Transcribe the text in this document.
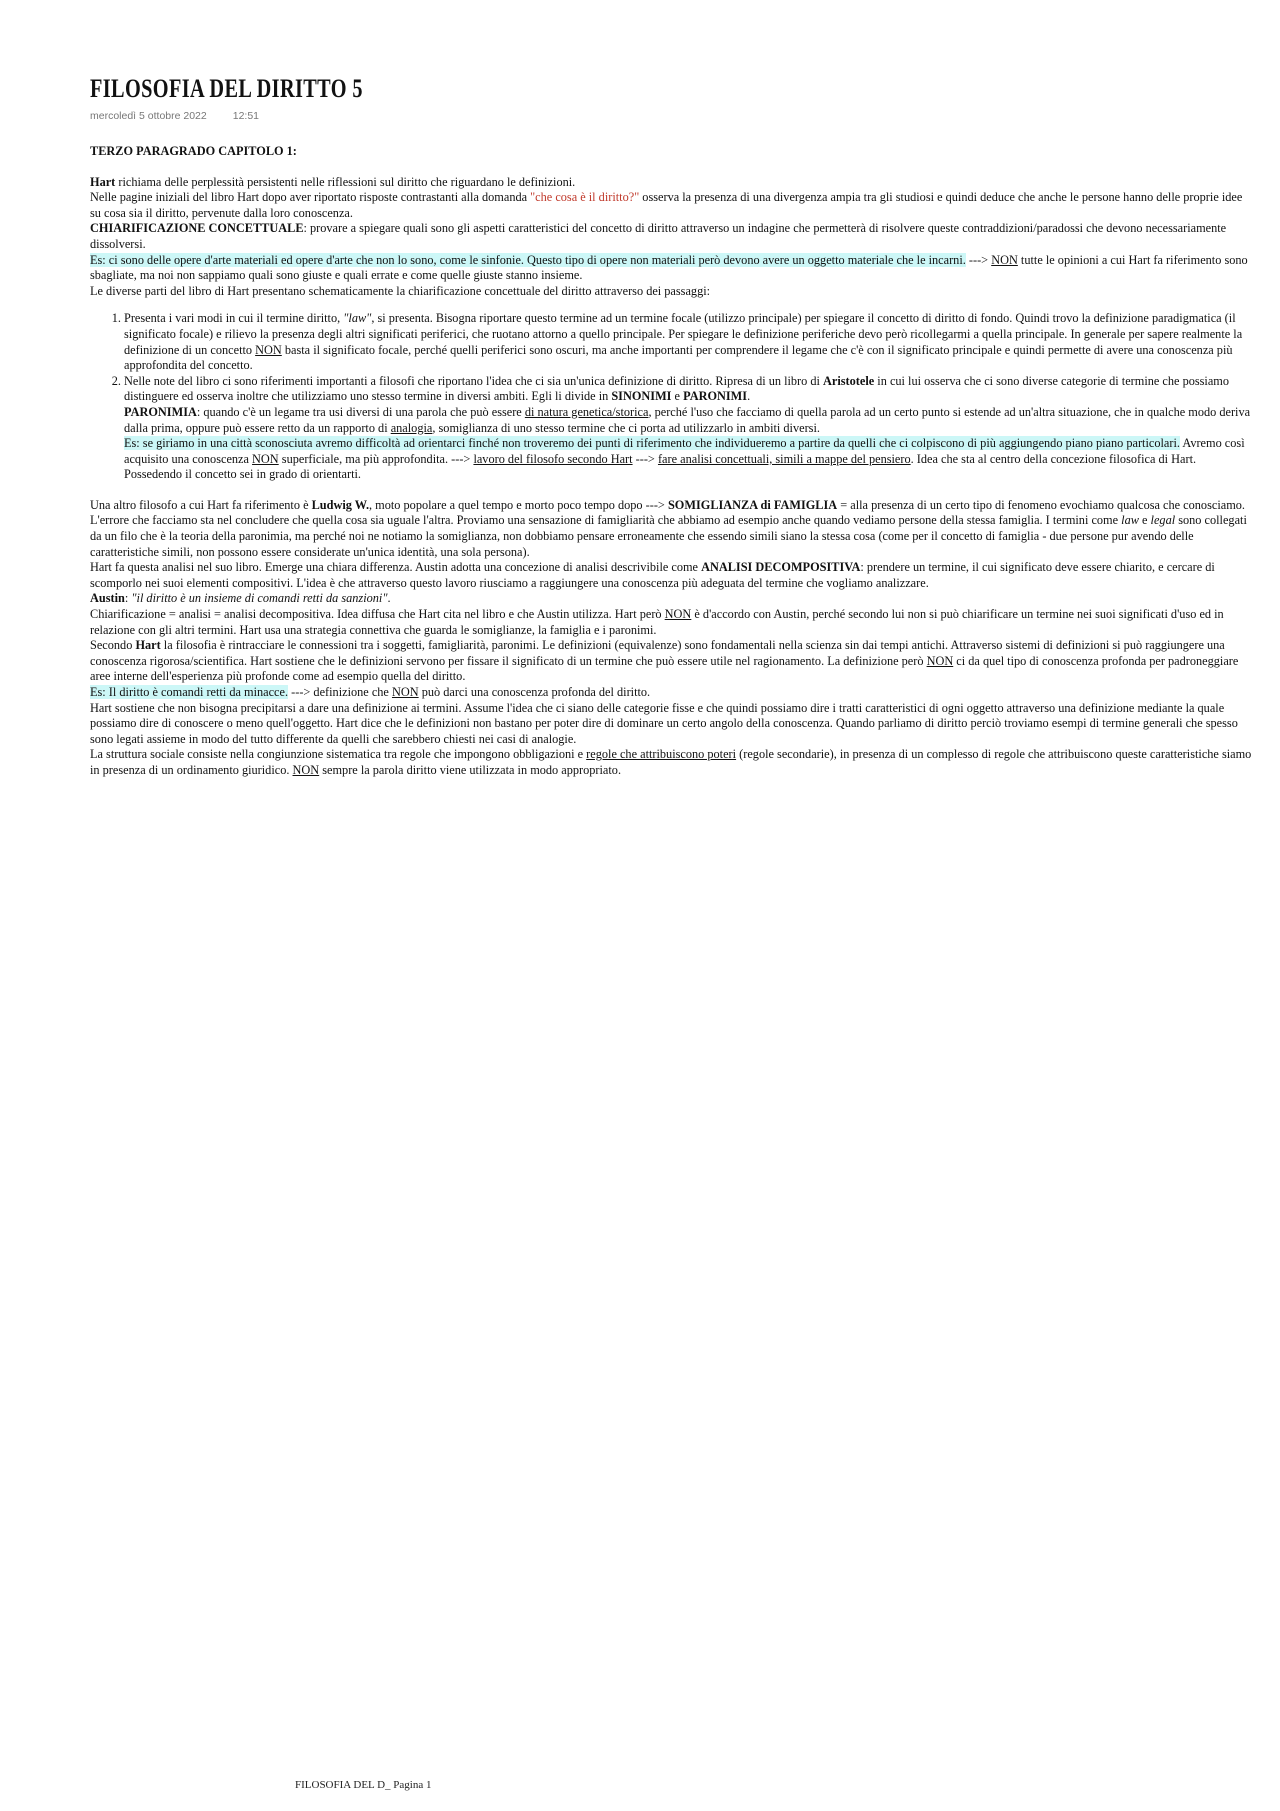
FILOSOFIA DEL DIRITTO 5
mercoledì 5 ottobre 2022 12:51

TERZO PARAGRADO CAPITOLO 1:

Hart richiama delle perplessità persistenti nelle riflessioni sul diritto che riguardano le definizioni.

Nelle pagine iniziali del libro Hart dopo aver riportato risposte contrastanti alla domanda "che cosa è il diritto?" osserva la presenza di una divergenza ampia tra gli studiosi e quindi deduce che anche le persone hanno delle proprie idee su cosa sia il diritto, pervenute dalla loro conoscenza.

CHIARIFICAZIONE CONCETTUALE: provare a spiegare quali sono gli aspetti caratteristici del concetto di diritto attraverso un indagine che permetterà di risolvere queste contraddizioni/paradossi che devono necessariamente dissolversi.

Es: ci sono delle opere d'arte materiali ed opere d'arte che non lo sono, come le sinfonie. Questo tipo di opere non materiali però devono avere un oggetto materiale che le incarni. ---> NON tutte le opinioni a cui Hart fa riferimento sono sbagliate, ma noi non sappiamo quali sono giuste e quali errate e come quelle giuste stanno insieme.

Le diverse parti del libro di Hart presentano schematicamente la chiarificazione concettuale del diritto attraverso dei passaggi:

1. Presenta i vari modi in cui il termine diritto, "law", si presenta. Bisogna riportare questo termine ad un termine focale (utilizzo principale) per spiegare il concetto di diritto di fondo. Quindi trovo la definizione paradigmatica (il significato focale) e rilievo la presenza degli altri significati periferici, che ruotano attorno a quello principale. Per spiegare le definizione periferiche devo però ricollegarmi a quella principale. In generale per sapere realmente la definizione di un concetto NON basta il significato focale, perché quelli periferici sono oscuri, ma anche importanti per comprendere il legame che c'è con il significato principale e quindi permette di avere una conoscenza più approfondita del concetto.
2. Nelle note del libro ci sono riferimenti importanti a filosofi che riportano l'idea che ci sia un'unica definizione di diritto. Ripresa di un libro di Aristotele in cui lui osserva che ci sono diverse categorie di termine che possiamo distinguere ed osserva inoltre che utilizziamo uno stesso termine in diversi ambiti. Egli li divide in SINONIMI e PARONIMI.
PARONIMIA: quando c'è un legame tra usi diversi di una parola che può essere di natura genetica/storica, perché l'uso che facciamo di quella parola ad un certo punto si estende ad un'altra situazione, che in qualche modo deriva dalla prima, oppure può essere retto da un rapporto di analogia, somiglianza di uno stesso termine che ci porta ad utilizzarlo in ambiti diversi.
Es: se giriamo in una città sconosciuta avremo difficoltà ad orientarci finché non troveremo dei punti di riferimento che individueremo a partire da quelli che ci colpiscono di più aggiungendo piano piano particolari. Avremo così acquisito una conoscenza NON superficiale, ma più approfondita. ---> lavoro del filosofo secondo Hart ---> fare analisi concettuali, simili a mappe del pensiero. Idea che sta al centro della concezione filosofica di Hart. Possedendo il concetto sei in grado di orientarti.

Una altro filosofo a cui Hart fa riferimento è Ludwig W., moto popolare a quel tempo e morto poco tempo dopo ---> SOMIGLIANZA di FAMIGLIA = alla presenza di un certo tipo di fenomeno evochiamo qualcosa che conosciamo. L'errore che facciamo sta nel concludere che quella cosa sia uguale l'altra. Proviamo una sensazione di famigliarità che abbiamo ad esempio anche quando vediamo persone della stessa famiglia. I termini come law e legal sono collegati da un filo che è la teoria della paronimia, ma perché noi ne notiamo la somiglianza, non dobbiamo pensare erroneamente che essendo simili siano la stessa cosa (come per il concetto di famiglia - due persone pur avendo delle caratteristiche simili, non possono essere considerate un'unica identità, una sola persona).

Hart fa questa analisi nel suo libro. Emerge una chiara differenza. Austin adotta una concezione di analisi descrivibile come ANALISI DECOMPOSITIVA: prendere un termine, il cui significato deve essere chiarito, e cercare di scomporlo nei suoi elementi compositivi. L'idea è che attraverso questo lavoro riusciamo a raggiungere una conoscenza più adeguata del termine che vogliamo analizzare.

Austin: "il diritto è un insieme di comandi retti da sanzioni".

Chiarificazione = analisi = analisi decompositiva. Idea diffusa che Hart cita nel libro e che Austin utilizza. Hart però NON è d'accordo con Austin, perché secondo lui non si può chiarificare un termine nei suoi significati d'uso ed in relazione con gli altri termini. Hart usa una strategia connettiva che guarda le somiglianze, la famiglia e i paronimi.

Secondo Hart la filosofia è rintracciare le connessioni tra i soggetti, famigliarità, paronimi. Le definizioni (equivalenze) sono fondamentali nella scienza sin dai tempi antichi. Attraverso sistemi di definizioni si può raggiungere una conoscenza rigorosa/scientifica. Hart sostiene che le definizioni servono per fissare il significato di un termine che può essere utile nel ragionamento. La definizione però NON ci da quel tipo di conoscenza profonda per padroneggiare aree interne dell'esperienza più profonde come ad esempio quella del diritto.

Es: Il diritto è comandi retti da minacce. ---> definizione che NON può darci una conoscenza profonda del diritto.

Hart sostiene che non bisogna precipitarsi a dare una definizione ai termini. Assume l'idea che ci siano delle categorie fisse e che quindi possiamo dire i tratti caratteristici di ogni oggetto attraverso una definizione mediante la quale possiamo dire di conoscere o meno quell'oggetto. Hart dice che le definizioni non bastano per poter dire di dominare un certo angolo della conoscenza. Quando parliamo di diritto perciò troviamo esempi di termine generali che spesso sono legati assieme in modo del tutto differente da quelli che sarebbero chiesti nei casi di analogie.

La struttura sociale consiste nella congiunzione sistematica tra regole che impongono obbligazioni e regole che attribuiscono poteri (regole secondarie), in presenza di un complesso di regole che attribuiscono queste caratteristiche siamo in presenza di un ordinamento giuridico. NON sempre la parola diritto viene utilizzata in modo appropriato.

FILOSOFIA DEL D_ Pagina 1
